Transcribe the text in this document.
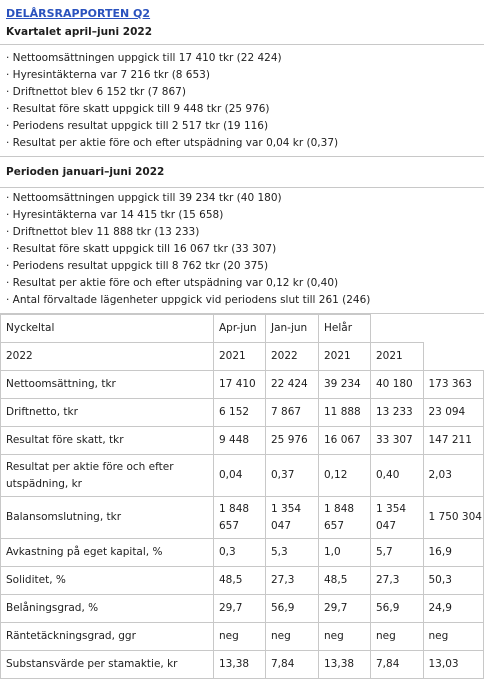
DELÅRSRAPPORTEN Q2
Kvartalet april–juni 2022
· Nettoomsättningen uppgick till 17 410 tkr (22 424)
· Hyresintäkterna var 7 216 tkr (8 653)
· Driftnettot blev 6 152 tkr (7 867)
· Resultat före skatt uppgick till 9 448 tkr (25 976)
· Periodens resultat uppgick till 2 517 tkr (19 116)
· Resultat per aktie före och efter utspädning var 0,04 kr (0,37)
Perioden januari–juni 2022
· Nettoomsättningen uppgick till 39 234 tkr (40 180)
· Hyresintäkterna var 14 415 tkr (15 658)
· Driftnettot blev 11 888 tkr (13 233)
· Resultat före skatt uppgick till 16 067 tkr (33 307)
· Periodens resultat uppgick till 8 762 tkr (20 375)
· Resultat per aktie före och efter utspädning var 0,12 kr (0,40)
· Antal förvaltade lägenheter uppgick vid periodens slut till 261 (246)
Nyckeltal	Apr-jun	Jan-jun	Helår		
2022	2021	2022	2021	2021	
Nettoomsättning, tkr	17 410	22 424	39 234	40 180	173 363
Driftnetto, tkr	6 152	7 867	11 888	13 233	23 094
Resultat före skatt, tkr	9 448	25 976	16 067	33 307	147 211
Resultat per aktie före och efter utspädning, kr	0,04	0,37	0,12	0,40	2,03
Balansomslutning, tkr	1 848 657	1 354 047	1 848 657	1 354 047	1 750 304
Avkastning på eget kapital, %	0,3	5,3	1,0	5,7	16,9
Soliditet, %	48,5	27,3	48,5	27,3	50,3
Belåningsgrad, %	29,7	56,9	29,7	56,9	24,9
Räntetäckningsgrad, ggr	neg	neg	neg	neg	neg
Substansvärde per stamaktie, kr	13,38	7,84	13,38	7,84	13,03
